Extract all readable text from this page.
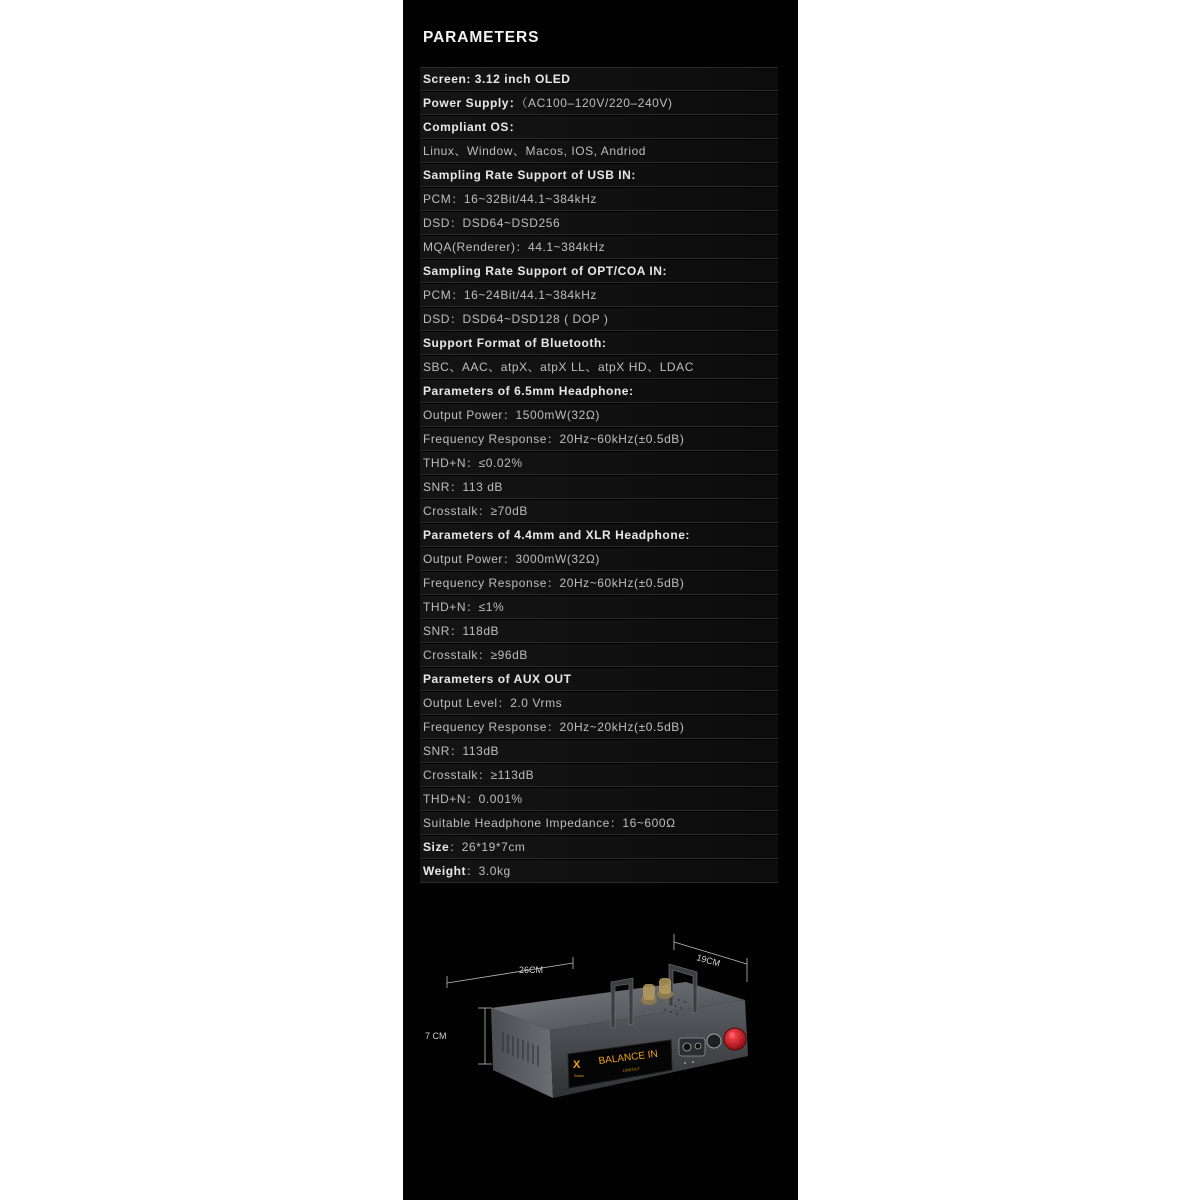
PARAMETERS
Screen: 3.12 inch OLED
Power Supply：（AC100–120V/220–240V)
Compliant OS：
Linux、Window、Macos, IOS, Andriod
Sampling Rate Support of USB IN:
PCM：16~32Bit/44.1~384kHz
DSD：DSD64~DSD256
MQA(Renderer)：44.1~384kHz
Sampling Rate Support of OPT/COA IN:
PCM：16~24Bit/44.1~384kHz
DSD：DSD64~DSD128 ( DOP )
Support Format of Bluetooth:
SBC、AAC、atpX、atpX LL、atpX HD、LDAC
Parameters of 6.5mm Headphone:
Output Power：1500mW(32Ω)
Frequency Response：20Hz~60kHz(±0.5dB)
THD+N：≤0.02%
SNR：113 dB
Crosstalk：≥70dB
Parameters of 4.4mm and XLR Headphone:
Output Power：3000mW(32Ω)
Frequency Response：20Hz~60kHz(±0.5dB)
THD+N：≤1%
SNR：118dB
Crosstalk：≥96dB
Parameters of AUX OUT
Output Level：2.0 Vrms
Frequency Response：20Hz~20kHz(±0.5dB)
SNR：113dB
Crosstalk：≥113dB
THD+N：0.001%
Suitable Headphone Impedance：16~600Ω
Size：26*19*7cm
Weight：3.0kg
26CM
19CM
7 CM
X
Sonic
BALANCE IN
LINEOUT
